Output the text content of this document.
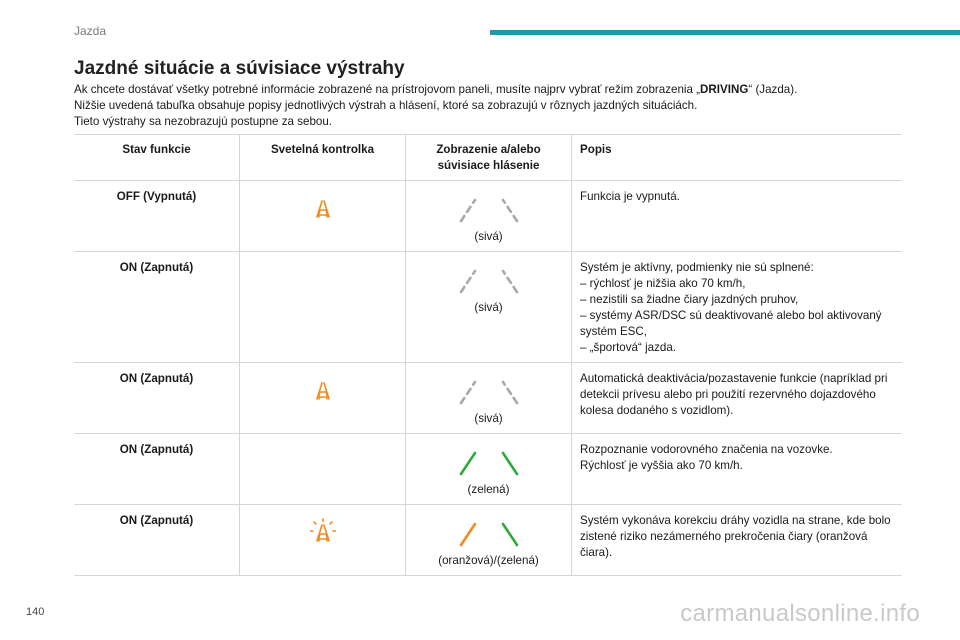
Jazda
Jazdné situácie a súvisiace výstrahy

Ak chcete dostávať všetky potrebné informácie zobrazené na prístrojovom paneli, musíte najprv vybrať režim zobrazenia „DRIVING“ (Jazda).

Nižšie uvedená tabuľka obsahuje popisy jednotlivých výstrah a hlásení, ktoré sa zobrazujú v rôznych jazdných situáciách.

Tieto výstrahy sa nezobrazujú postupne za sebou.

Stav funkcie	Svetelná kontrolka	Zobrazenie a/alebo súvisiace hlásenie	Popis
OFF (Vypnutá)		(sivá)	Funkcia je vypnutá.

ON (Zapnutá)		(sivá)	Systém je aktívny, podmienky nie sú splnené:
– rýchlosť je nižšia ako 70 km/h,
– nezistili sa žiadne čiary jazdných pruhov,
– systémy ASR/DSC sú deaktivované alebo bol aktivovaný systém ESC,
– „športová“ jazda.

ON (Zapnutá)		(sivá)	Automatická deaktivácia/pozastavenie funkcie (napríklad pri detekcii prívesu alebo pri použití rezervného dojazdového kolesa dodaného s vozidlom).

ON (Zapnutá)		(zelená)	Rozpoznanie vodorovného značenia na vozovke.
Rýchlosť je vyššia ako 70 km/h.

ON (Zapnutá)		(oranžová)/(zelená)	Systém vykonáva korekciu dráhy vozidla na strane, kde bolo zistené riziko nezámerného prekročenia čiary (oranžová čiara).
140	carmanualsonline.info
